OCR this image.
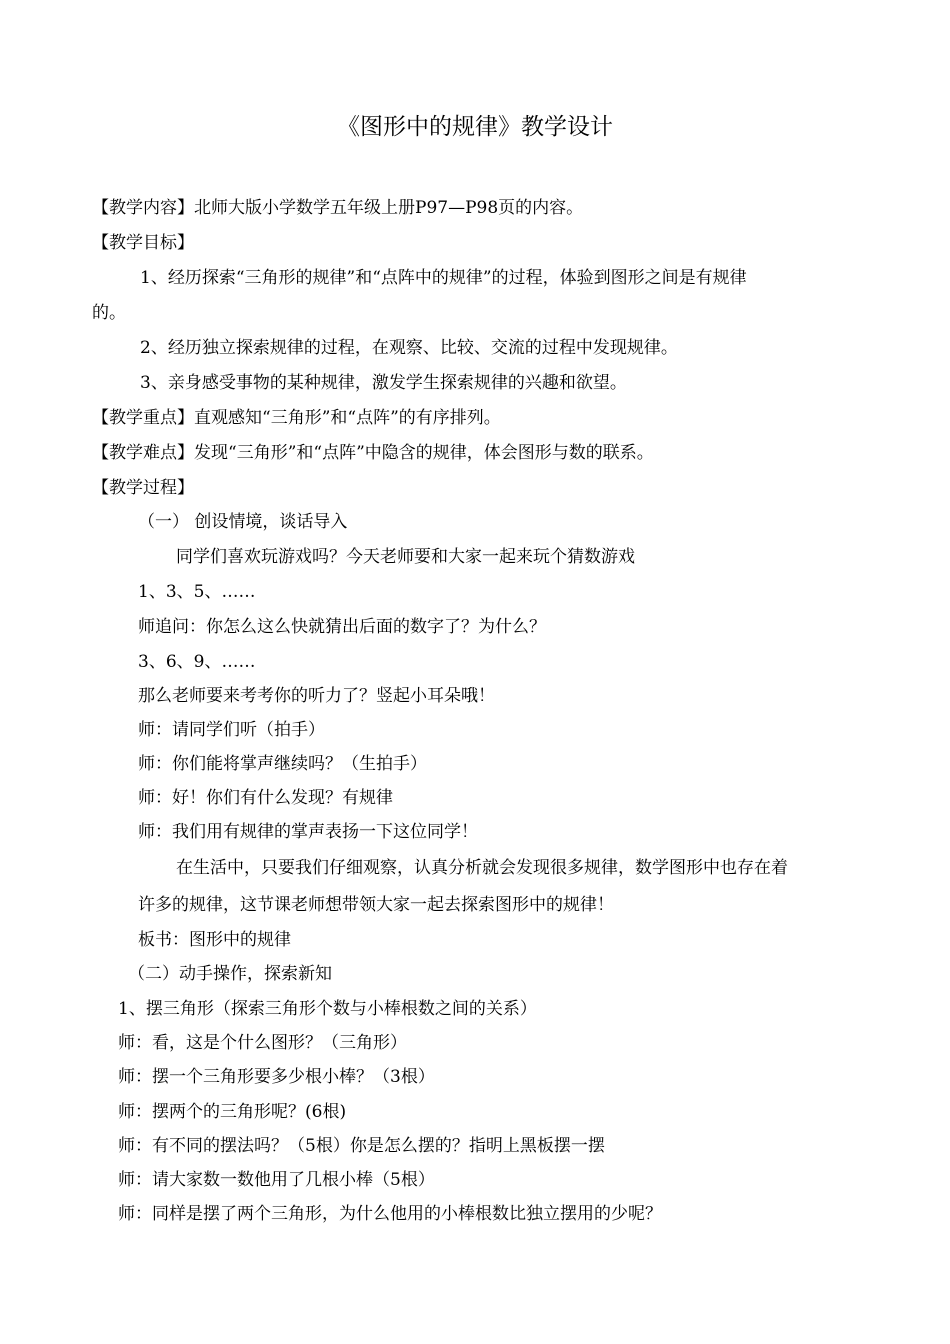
《图形中的规律》教学设计
【教学内容】北师大版小学数学五年级上册P97—P98页的内容。
【教学目标】
1、经历探索“三角形的规律”和“点阵中的规律”的过程，体验到图形之间是有规律
的。
2、经历独立探索规律的过程，在观察、比较、交流的过程中发现规律。
3、亲身感受事物的某种规律，激发学生探索规律的兴趣和欲望。
【教学重点】直观感知“三角形”和“点阵”的有序排列。
【教学难点】发现“三角形”和“点阵”中隐含的规律，体会图形与数的联系。
【教学过程】
（一） 创设情境，谈话导入
同学们喜欢玩游戏吗？今天老师要和大家一起来玩个猜数游戏
1、3、5、……
师追问：你怎么这么快就猜出后面的数字了？为什么？
3、6、9、……
那么老师要来考考你的听力了？竖起小耳朵哦！
师：请同学们听（拍手）
师：你们能将掌声继续吗？（生拍手）
师：好！你们有什么发现？有规律
师：我们用有规律的掌声表扬一下这位同学！
在生活中，只要我们仔细观察，认真分析就会发现很多规律，数学图形中也存在着
许多的规律，这节课老师想带领大家一起去探索图形中的规律！
板书：图形中的规律
（二）动手操作，探索新知
1、摆三角形（探索三角形个数与小棒根数之间的关系）
师：看，这是个什么图形？（三角形）
师：摆一个三角形要多少根小棒？（3根）
师：摆两个的三角形呢？(6根)
师：有不同的摆法吗？（5根）你是怎么摆的？指明上黑板摆一摆
师：请大家数一数他用了几根小棒（5根）
师：同样是摆了两个三角形，为什么他用的小棒根数比独立摆用的少呢？
